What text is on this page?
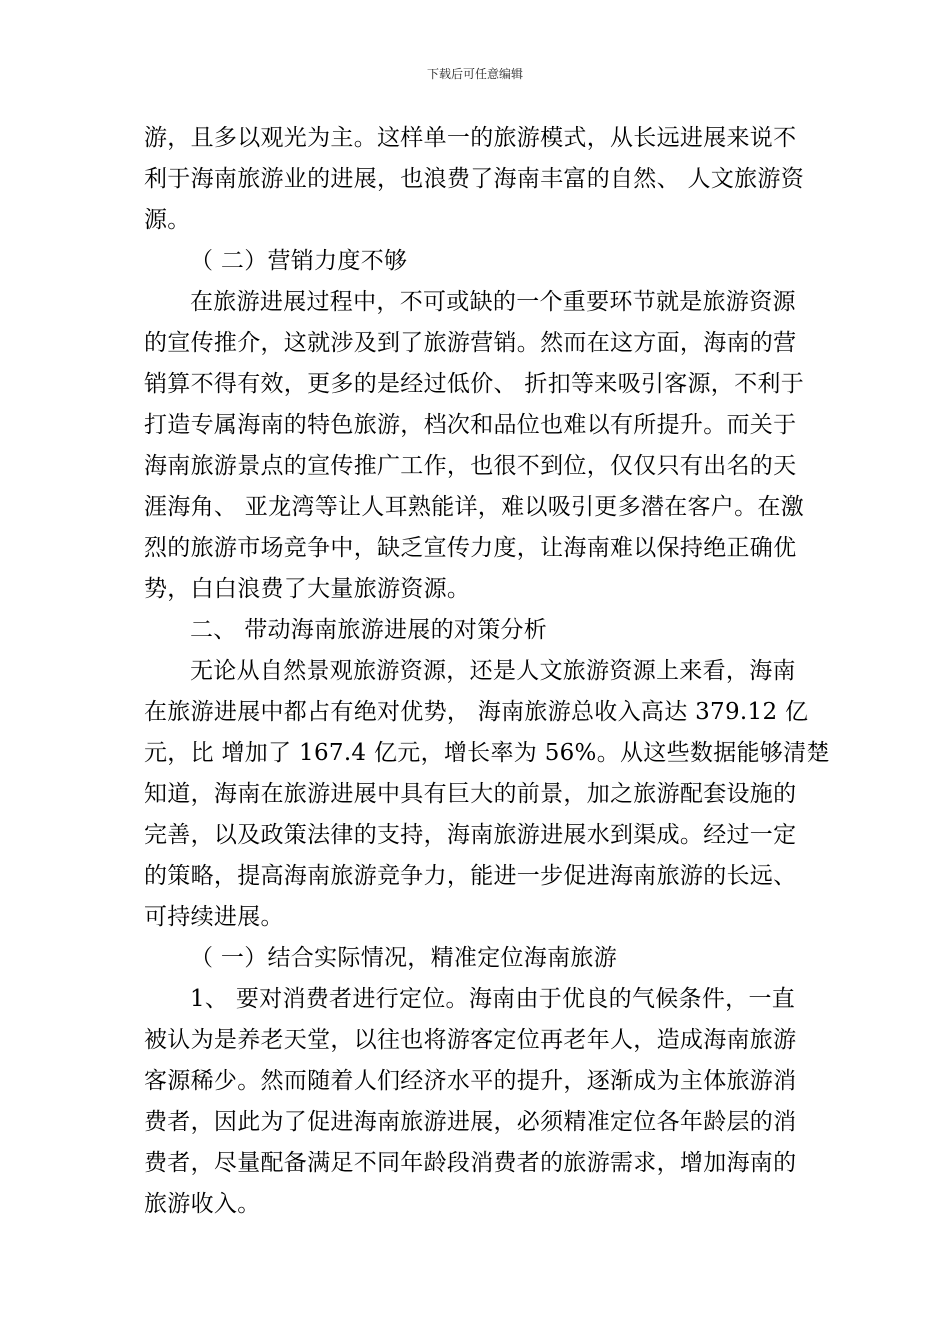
下载后可任意编辑
游，且多以观光为主。这样单一的旅游模式，从长远进展来说不
利于海南旅游业的进展，也浪费了海南丰富的自然、 人文旅游资
源。
（ 二）营销力度不够
在旅游进展过程中，不可或缺的一个重要环节就是旅游资源
的宣传推介，这就涉及到了旅游营销。然而在这方面，海南的营
销算不得有效，更多的是经过低价、 折扣等来吸引客源，不利于
打造专属海南的特色旅游，档次和品位也难以有所提升。而关于
海南旅游景点的宣传推广工作，也很不到位，仅仅只有出名的天
涯海角、 亚龙湾等让人耳熟能详，难以吸引更多潜在客户。在激
烈的旅游市场竞争中，缺乏宣传力度，让海南难以保持绝正确优
势，白白浪费了大量旅游资源。
二、 带动海南旅游进展的对策分析
无论从自然景观旅游资源，还是人文旅游资源上来看，海南
在旅游进展中都占有绝对优势， 海南旅游总收入高达 379.12 亿
元，比 增加了 167.4 亿元，增长率为 56%。从这些数据能够清楚
知道，海南在旅游进展中具有巨大的前景，加之旅游配套设施的
完善，以及政策法律的支持，海南旅游进展水到渠成。经过一定
的策略，提高海南旅游竞争力，能进一步促进海南旅游的长远、
可持续进展。
（ 一）结合实际情况，精准定位海南旅游
1、 要对消费者进行定位。海南由于优良的气候条件，一直
被认为是养老天堂，以往也将游客定位再老年人，造成海南旅游
客源稀少。然而随着人们经济水平的提升，逐渐成为主体旅游消
费者，因此为了促进海南旅游进展，必须精准定位各年龄层的消
费者，尽量配备满足不同年龄段消费者的旅游需求，增加海南的
旅游收入。
